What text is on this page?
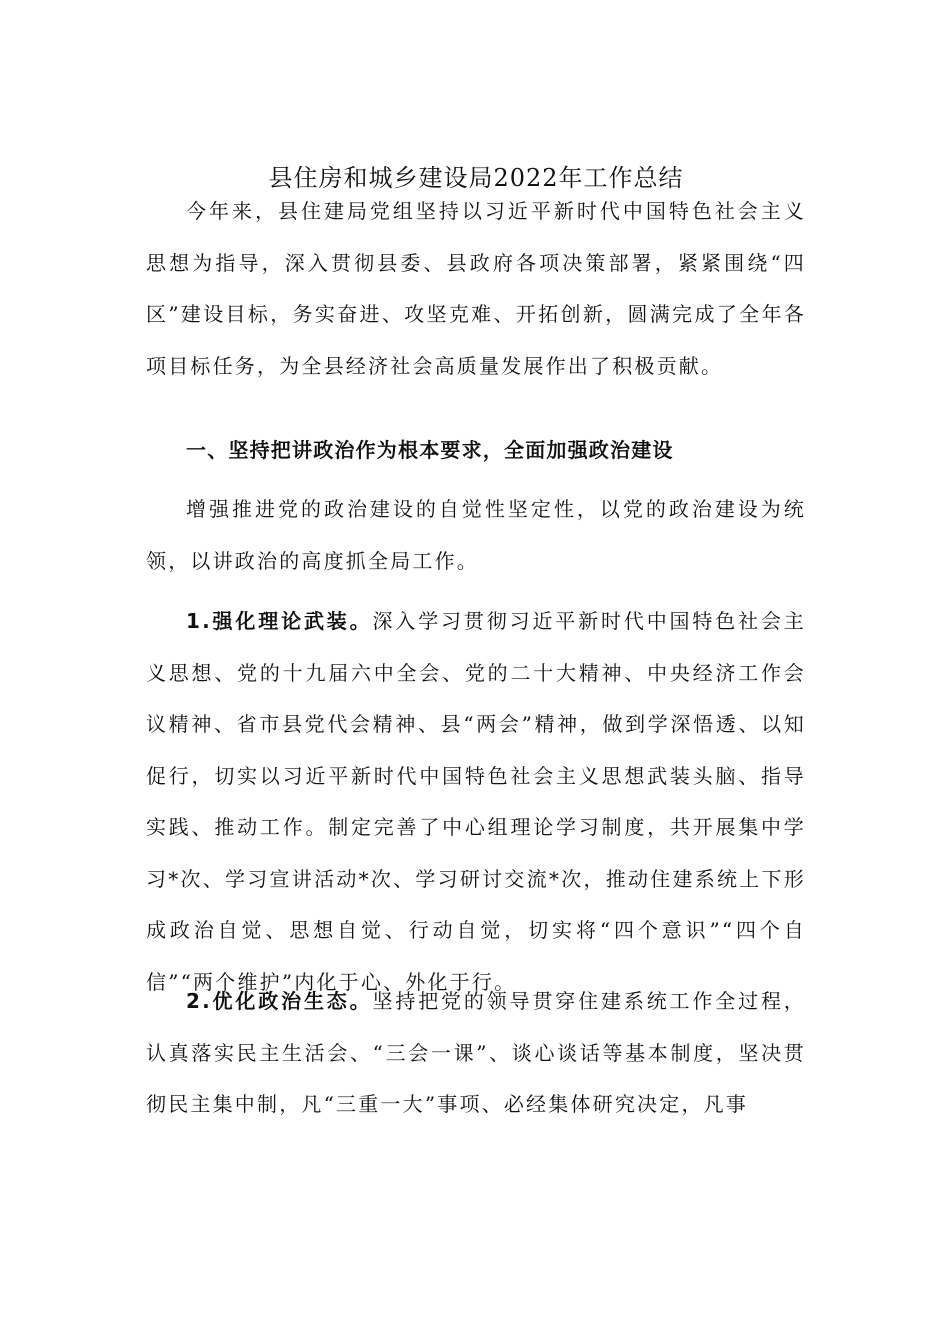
县住房和城乡建设局2022年工作总结

今年来，县住建局党组坚持以习近平新时代中国特色社会主义思想为指导，深入贯彻县委、县政府各项决策部署，紧紧围绕“四区”建设目标，务实奋进、攻坚克难、开拓创新，圆满完成了全年各项目标任务，为全县经济社会高质量发展作出了积极贡献。

一、坚持把讲政治作为根本要求，全面加强政治建设

增强推进党的政治建设的自觉性坚定性，以党的政治建设为统领，以讲政治的高度抓全局工作。

1.强化理论武装。深入学习贯彻习近平新时代中国特色社会主义思想、党的十九届六中全会、党的二十大精神、中央经济工作会议精神、省市县党代会精神、县“两会”精神，做到学深悟透、以知促行，切实以习近平新时代中国特色社会主义思想武装头脑、指导实践、推动工作。制定完善了中心组理论学习制度，共开展集中学习*次、学习宣讲活动*次、学习研讨交流*次，推动住建系统上下形成政治自觉、思想自觉、行动自觉，切实将“四个意识”“四个自信”“两个维护”内化于心、外化于行。

2.优化政治生态。坚持把党的领导贯穿住建系统工作全过程，认真落实民主生活会、“三会一课”、谈心谈话等基本制度，坚决贯彻民主集中制，凡“三重一大”事项、必经集体研究决定，凡事
